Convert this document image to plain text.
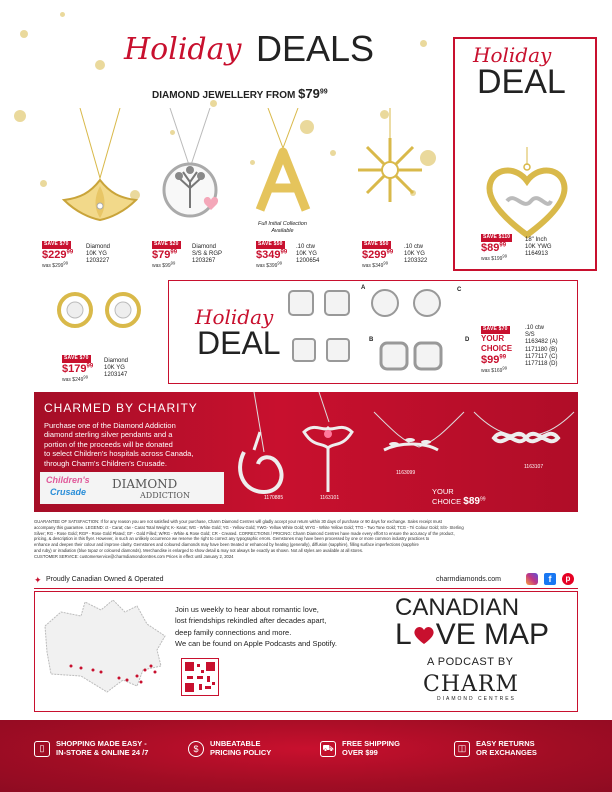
Holiday DEALS
DIAMOND JEWELLERY FROM $\$79^{99}$
Holiday
DEAL
SAVE $110
$\$89^{99}$
was $\$199^{99}$
18" Inch
10K YWG
1164913
SAVE $70
$\$229^{99}$
was $\$299^{99}$
Diamond
10K YG
1203227
SAVE $20
$\$79^{99}$
was $\$99^{99}$
Diamond
S/S & RGP
1203267
Full Initial Collection
Available
SAVE $50
$\$349^{99}$
was $\$399^{99}$
.10 ctw
10K YG
1200654
SAVE $50
$\$299^{99}$
was $\$349^{99}$
.10 ctw
10K YG
1203322
SAVE $70
$\$179^{99}$
was $\$249^{99}$
Diamond
10K YG
1203147
Holiday
DEAL
A
B
C
D
SAVE $70
YOUR
CHOICE
$\$99^{99}$
was $\$169^{99}$
.10 ctw
S/S
1163482 (A)
1171180 (B)
1177117 (C)
1177118 (D)
CHARMED BY CHARITY
Purchase one of the Diamond Addiction
diamond sterling silver pendants and a
portion of the proceeds will be donated
to select Children's hospitals across Canada,
through Charm's Children's Crusade.
Children's
Crusade
DIAMOND
ADDICTION	1170885	1163101
1163099
1163107
YOUR
CHOICE $\$89^{99}$
GUARANTEE OF SATISFACTION: If for any reason you are not satisfied with your purchase, Charm Diamond Centres will gladly accept your return within 30 days of purchase or 90 days for exchange. Sales receipt must
accompany this guarantee. LEGEND: ct - Carat; ctw - Carat Total Weight; K- Karat; WG - White Gold; YG - Yellow Gold; YWG- Yellow White Gold; WYG - White Yellow Gold; TTG - Two Tone Gold; TCG - Tri Colour Gold; S/S- Sterling
Silver; RG - Rose Gold; RGP - Rose Gold Plated; GF - Gold Filled; W/RG - White & Rose Gold; CR - Created. CORRECTIONS / PRICING: Charm Diamond Centres have made every effort to ensure the accuracy of the product,
pricing, & description in this flyer. However, in such an unlikely occurrence we reserve the right to correct any typographic errors. Gemstones may have been processed by one or more common industry practices to
enhance and deepen their colour and improve clarity. Gemstones and coloured diamonds may have been treated or enhanced by heating (generally), diffusion (sapphire), filling surface imperfections (sapphire
and ruby) or irradiation (blue topaz or coloured diamonds). Merchandise is enlarged to show detail & may not always be exactly as shown. Not all styles are available at all stores.
CUSTOMER SERVICE: customerservice@charmdiamondcentres.com Prices in effect until January 2, 2024
✦ Proudly Canadian Owned & Operated	charmdiamonds.com	f	p
Join us weekly to hear about romantic love,
lost friendships rekindled after decades apart,
deep family connections and more.
We can be found on Apple Podcasts and Spotify.
CANADIAN
L VE MAP
A PODCAST BY
CHARM
DIAMOND CENTRES
▯	SHOPPING MADE EASY -
IN-STORE & ONLINE 24 /7	$
UNBEATABLE
PRICING POLICY	⛟	FREE SHIPPING
OVER $99	◫	EASY RETURNS
OR EXCHANGES
